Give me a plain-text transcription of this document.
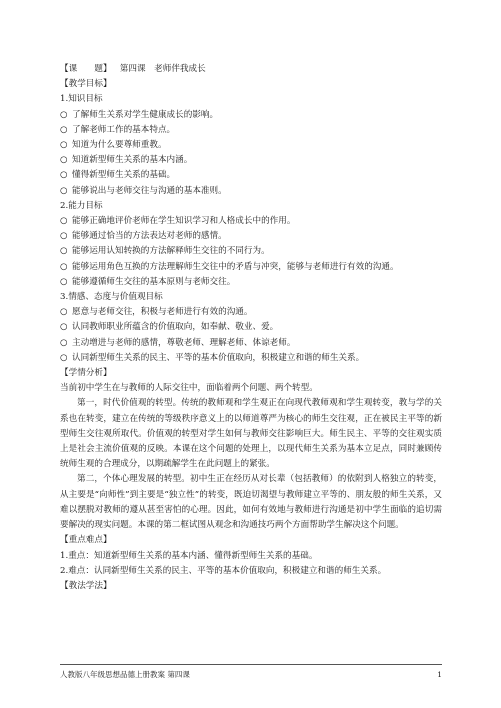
【课　　题】 第四课　老师伴我成长
【教学目标】
1.知识目标
○ 了解师生关系对学生健康成长的影响。
○ 了解老师工作的基本特点。
○ 知道为什么要尊师重教。
○ 知道新型师生关系的基本内涵。
○ 懂得新型师生关系的基础。
○ 能够说出与老师交往与沟通的基本准则。
2.能力目标
○ 能够正确地评价老师在学生知识学习和人格成长中的作用。
○ 能够通过恰当的方法表达对老师的感情。
○ 能够运用认知转换的方法解释师生交往的不同行为。
○ 能够运用角色互换的方法理解师生交往中的矛盾与冲突，能够与老师进行有效的沟通。
○ 能够遵循师生交往的基本原则与老师交往。
3.情感、态度与价值观目标
○ 愿意与老师交往，积极与老师进行有效的沟通。
○ 认同教师职业所蕴含的价值取向，如奉献、敬业、爱。
○ 主动增进与老师的感情，尊敬老师、理解老师、体谅老师。
○ 认同新型师生关系的民主、平等的基本价值取向，积极建立和谐的师生关系。
【学情分析】
当前初中学生在与教师的人际交往中，面临着两个问题、两个转型。
第一，时代价值观的转型。传统的教师观和学生观正在向现代教师观和学生观转变，教与学的关系也在转变，建立在传统的等级秩序意义上的以师道尊严为核心的师生交往观，正在被民主平等的新型师生交往观所取代。价值观的转型对学生如何与教师交往影响巨大。师生民主、平等的交往观实质上是社会主流价值观的反映。本课在这个问题的处理上，以现代师生关系为基本立足点，同时兼顾传统师生观的合理成分，以期疏解学生在此问题上的紧张。
第二，个体心理发展的转型。初中生正在经历从对长辈（包括教师）的依附到人格独立的转变，从主要是“向师性”到主要是“独立性”的转变，既迫切渴望与教师建立平等的、朋友般的师生关系，又难以摆脱对教师的遵从甚至害怕的心理。因此，如何有效地与教师进行沟通是初中学生面临的追切需要解决的现实问题。本课的第二框试图从观念和沟通技巧两个方面帮助学生解决这个问题。
【重点难点】
1.重点：知道新型师生关系的基本内涵、懂得新型师生关系的基础。
2.难点：认同新型师生关系的民主、平等的基本价值取向，积极建立和谐的师生关系。
【教法学法】
人教版八年级思想品德上册教案 第四课	1
